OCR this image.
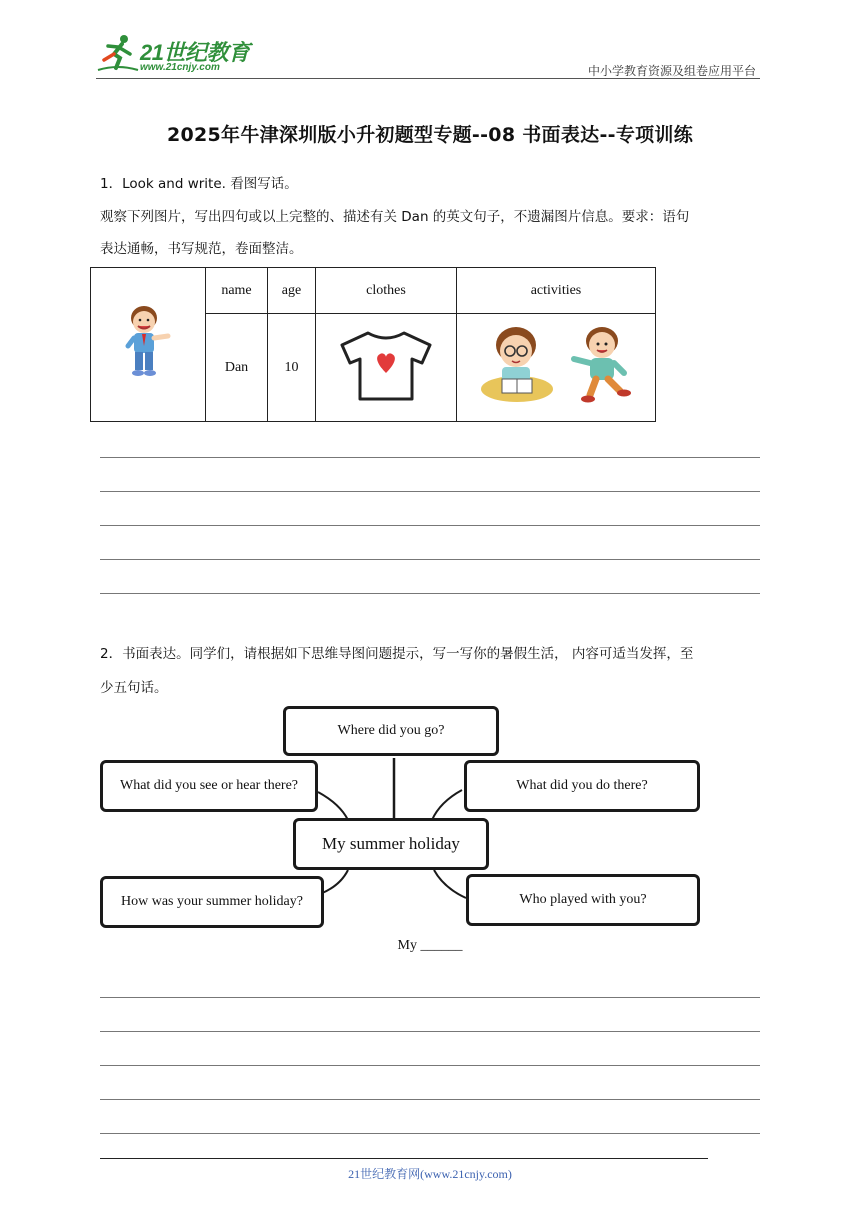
21世纪教育
www.21cnjy.com	中小学教育资源及组卷应用平台
2025年牛津深圳版小升初题型专题--08 书面表达--专项训练
1．Look and write. 看图写话。
观察下列图片，写出四句或以上完整的、描述有关 Dan 的英文句子，不遗漏图片信息。要求：语句
表达通畅，书写规范，卷面整洁。
	name	age	clothes	activities
	Dan	10		
2．书面表达。同学们，请根据如下思维导图问题提示，写一写你的暑假生活， 内容可适当发挥，至
少五句话。
Where did you go?
What did you see or hear there?	What did you do there?
My summer holiday
How was your summer holiday?	Who played with you?
My ______
21世纪教育网(www.21cnjy.com)
